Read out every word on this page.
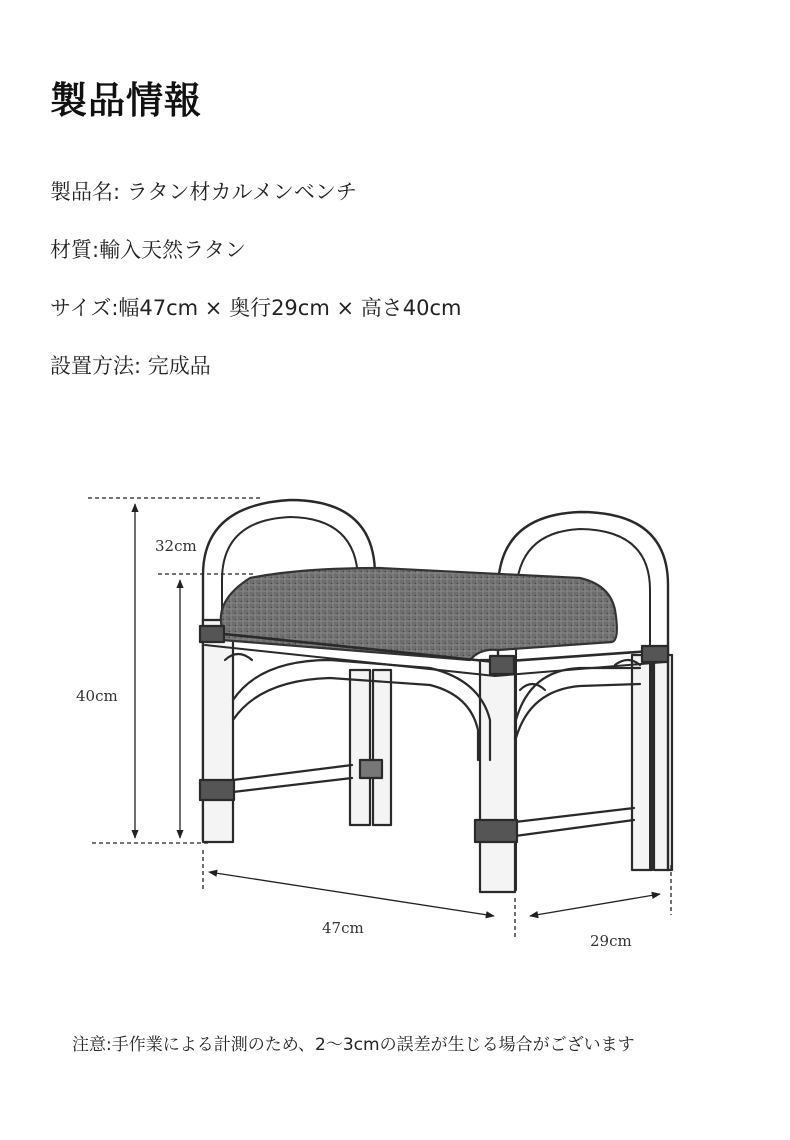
製品情報
製品名: ラタン材カルメンベンチ
材質:輸入天然ラタン
サイズ:幅47cm × 奥行29cm × 高さ40cm
設置方法: 完成品
32cm
40cm
47cm
29cm
注意:手作業による計測のため、2～3cmの誤差が生じる場合がございます
